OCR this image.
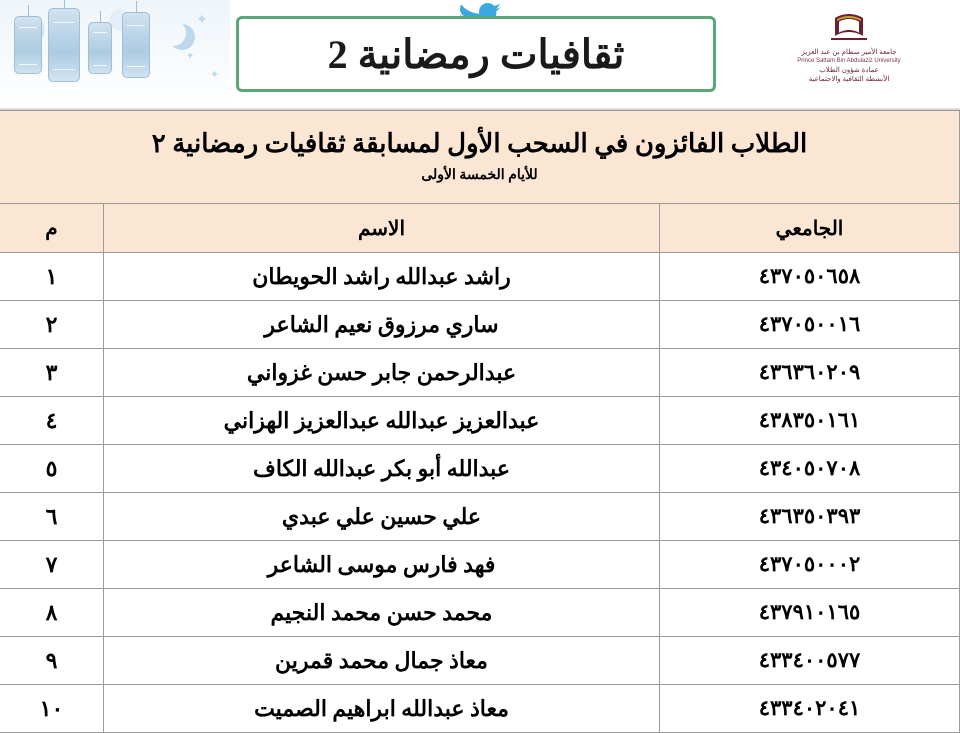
✦
✦
✦	ثقافيات رمضانية 2	جامعة الأمير سطام بن عبد العزيز
Prince Sattam Bin Abdulaziz University
عمادة شؤون الطلاب
الأنشطة الثقافية والاجتماعية
الطلاب الفائزون في السحب الأول لمسابقة ثقافيات رمضانية ٢
للأيام الخمسة الأولى		

الجامعي	الاسم	م
٤٣٧٠٥٠٦٥٨	راشد عبدالله راشد الحويطان	١
٤٣٧٠٥٠٠١٦	ساري مرزوق نعيم الشاعر	٢
٤٣٦٣٦٠٢٠٩	عبدالرحمن جابر حسن غزواني	٣
٤٣٨٣٥٠١٦١	عبدالعزيز عبدالله عبدالعزيز الهزاني	٤
٤٣٤٠٥٠٧٠٨	عبدالله أبو بكر عبدالله الكاف	٥
٤٣٦٣٥٠٣٩٣	علي حسين علي عبدي	٦
٤٣٧٠٥٠٠٠٢	فهد فارس موسى الشاعر	٧
٤٣٧٩١٠١٦٥	محمد حسن محمد النجيم	٨
٤٣٣٤٠٠٥٧٧	معاذ جمال محمد قمرين	٩
٤٣٣٤٠٢٠٤١	معاذ عبدالله ابراهيم الصميت	١٠
